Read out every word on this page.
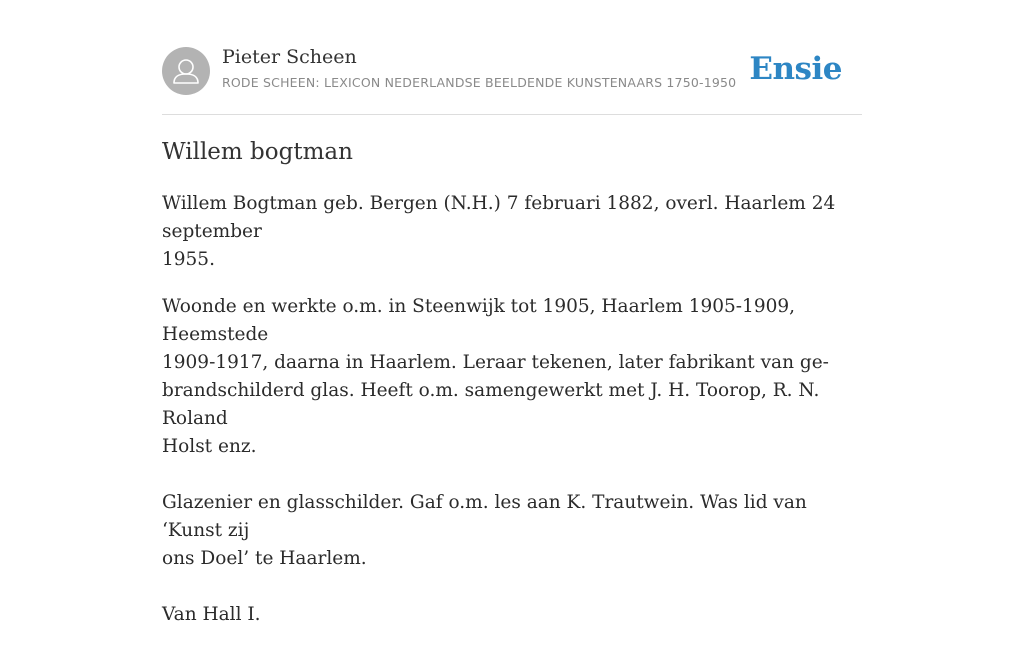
Pieter Scheen
RODE SCHEEN: LEXICON NEDERLANDSE BEELDENDE KUNSTENAARS 1750-1950 Ensie
Willem bogtman

Willem Bogtman geb. Bergen (N.H.) 7 februari 1882, overl. Haarlem 24 september
1955.

Woonde en werkte o.m. in Steenwijk tot 1905, Haarlem 1905-1909, Heemstede
1909-1917, daarna in Haarlem. Leraar tekenen, later fabrikant van ge-
brandschilderd glas. Heeft o.m. samengewerkt met J. H. Toorop, R. N. Roland
Holst enz.

Glazenier en glasschilder. Gaf o.m. les aan K. Trautwein. Was lid van ‘Kunst zij
ons Doel’ te Haarlem.

Van Hall I.
